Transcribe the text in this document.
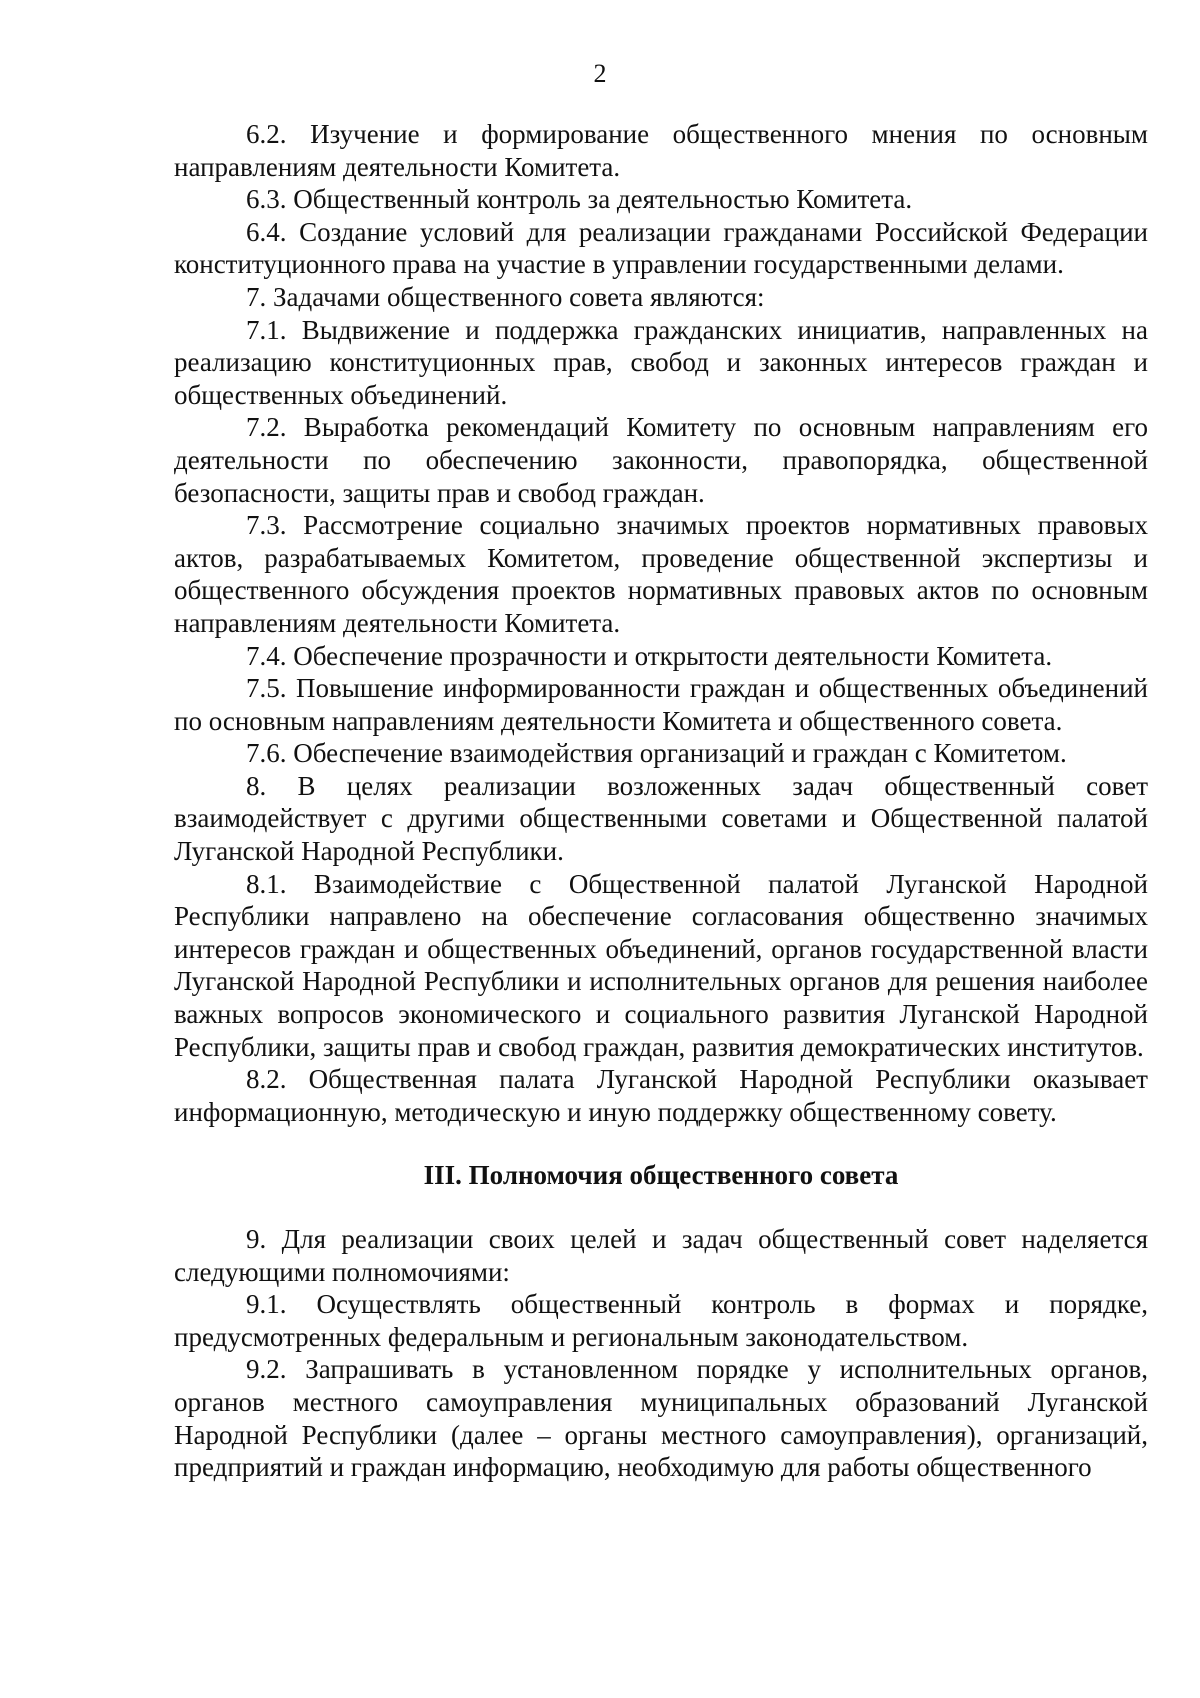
2

6.2. Изучение и формирование общественного мнения по основным направлениям деятельности Комитета.

6.3. Общественный контроль за деятельностью Комитета.

6.4. Создание условий для реализации гражданами Российской Федерации конституционного права на участие в управлении государственными делами.

7. Задачами общественного совета являются:

7.1. Выдвижение и поддержка гражданских инициатив, направленных на реализацию конституционных прав, свобод и законных интересов граждан и общественных объединений.

7.2. Выработка рекомендаций Комитету по основным направлениям его деятельности по обеспечению законности, правопорядка, общественной безопасности, защиты прав и свобод граждан.

7.3. Рассмотрение социально значимых проектов нормативных правовых актов, разрабатываемых Комитетом, проведение общественной экспертизы и общественного обсуждения проектов нормативных правовых актов по основным направлениям деятельности Комитета.

7.4. Обеспечение прозрачности и открытости деятельности Комитета.

7.5. Повышение информированности граждан и общественных объединений по основным направлениям деятельности Комитета и общественного совета.

7.6. Обеспечение взаимодействия организаций и граждан с Комитетом.

8. В целях реализации возложенных задач общественный совет взаимодействует с другими общественными советами и Общественной палатой Луганской Народной Республики.

8.1. Взаимодействие с Общественной палатой Луганской Народной Республики направлено на обеспечение согласования общественно значимых интересов граждан и общественных объединений, органов государственной власти Луганской Народной Республики и исполнительных органов для решения наиболее важных вопросов экономического и социального развития Луганской Народной Республики, защиты прав и свобод граждан, развития демократических институтов.

8.2. Общественная палата Луганской Народной Республики оказывает информационную, методическую и иную поддержку общественному совету.

III. Полномочия общественного совета

9. Для реализации своих целей и задач общественный совет наделяется следующими полномочиями:

9.1. Осуществлять общественный контроль в формах и порядке, предусмотренных федеральным и региональным законодательством.

9.2. Запрашивать в установленном порядке у исполнительных органов, органов местного самоуправления муниципальных образований Луганской Народной Республики (далее – органы местного самоуправления), организаций, предприятий и граждан информацию, необходимую для работы общественного
